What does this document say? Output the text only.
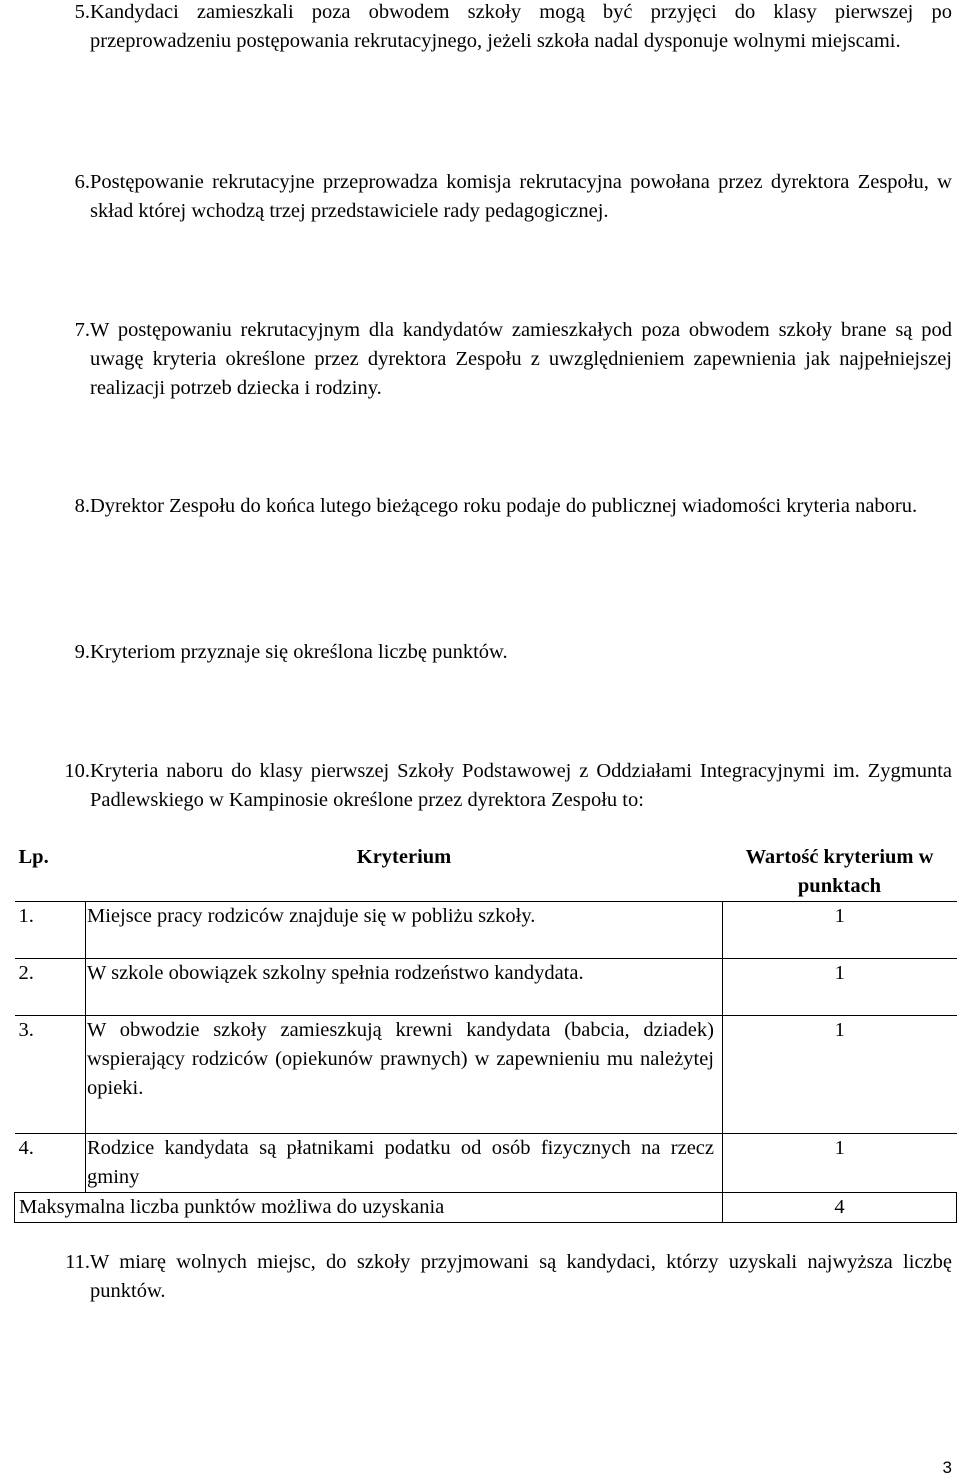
5. Kandydaci zamieszkali poza obwodem szkoły mogą być przyjęci do klasy pierwszej po przeprowadzeniu postępowania rekrutacyjnego, jeżeli szkoła nadal dysponuje wolnymi miejscami.
6. Postępowanie rekrutacyjne przeprowadza komisja rekrutacyjna powołana przez dyrektora Zespołu, w skład której wchodzą trzej przedstawiciele rady pedagogicznej.
7. W postępowaniu rekrutacyjnym dla kandydatów zamieszkałych poza obwodem szkoły brane są pod uwagę kryteria określone przez dyrektora Zespołu z uwzględnieniem zapewnienia jak najpełniejszej realizacji potrzeb dziecka i rodziny.
8. Dyrektor Zespołu do końca lutego bieżącego roku podaje do publicznej wiadomości kryteria naboru.
9. Kryteriom przyznaje się określona liczbę punktów.
10. Kryteria naboru do klasy pierwszej Szkoły Podstawowej z Oddziałami Integracyjnymi im. Zygmunta Padlewskiego w Kampinosie określone przez dyrektora Zespołu to:
Lp.	Kryterium	Wartość kryterium w punktach
1.	Miejsce pracy rodziców znajduje się w pobliżu szkoły.	1
2.	W szkole obowiązek szkolny spełnia rodzeństwo kandydata.	1
3.	W obwodzie szkoły zamieszkują krewni kandydata (babcia, dziadek) wspierający rodziców (opiekunów prawnych) w zapewnieniu mu należytej opieki.	1
4.	Rodzice kandydata są płatnikami podatku od osób fizycznych na rzecz gminy	1
Maksymalna liczba punktów możliwa do uzyskania		4
11. W miarę wolnych miejsc, do szkoły przyjmowani są kandydaci, którzy uzyskali najwyższa liczbę punktów.
3
